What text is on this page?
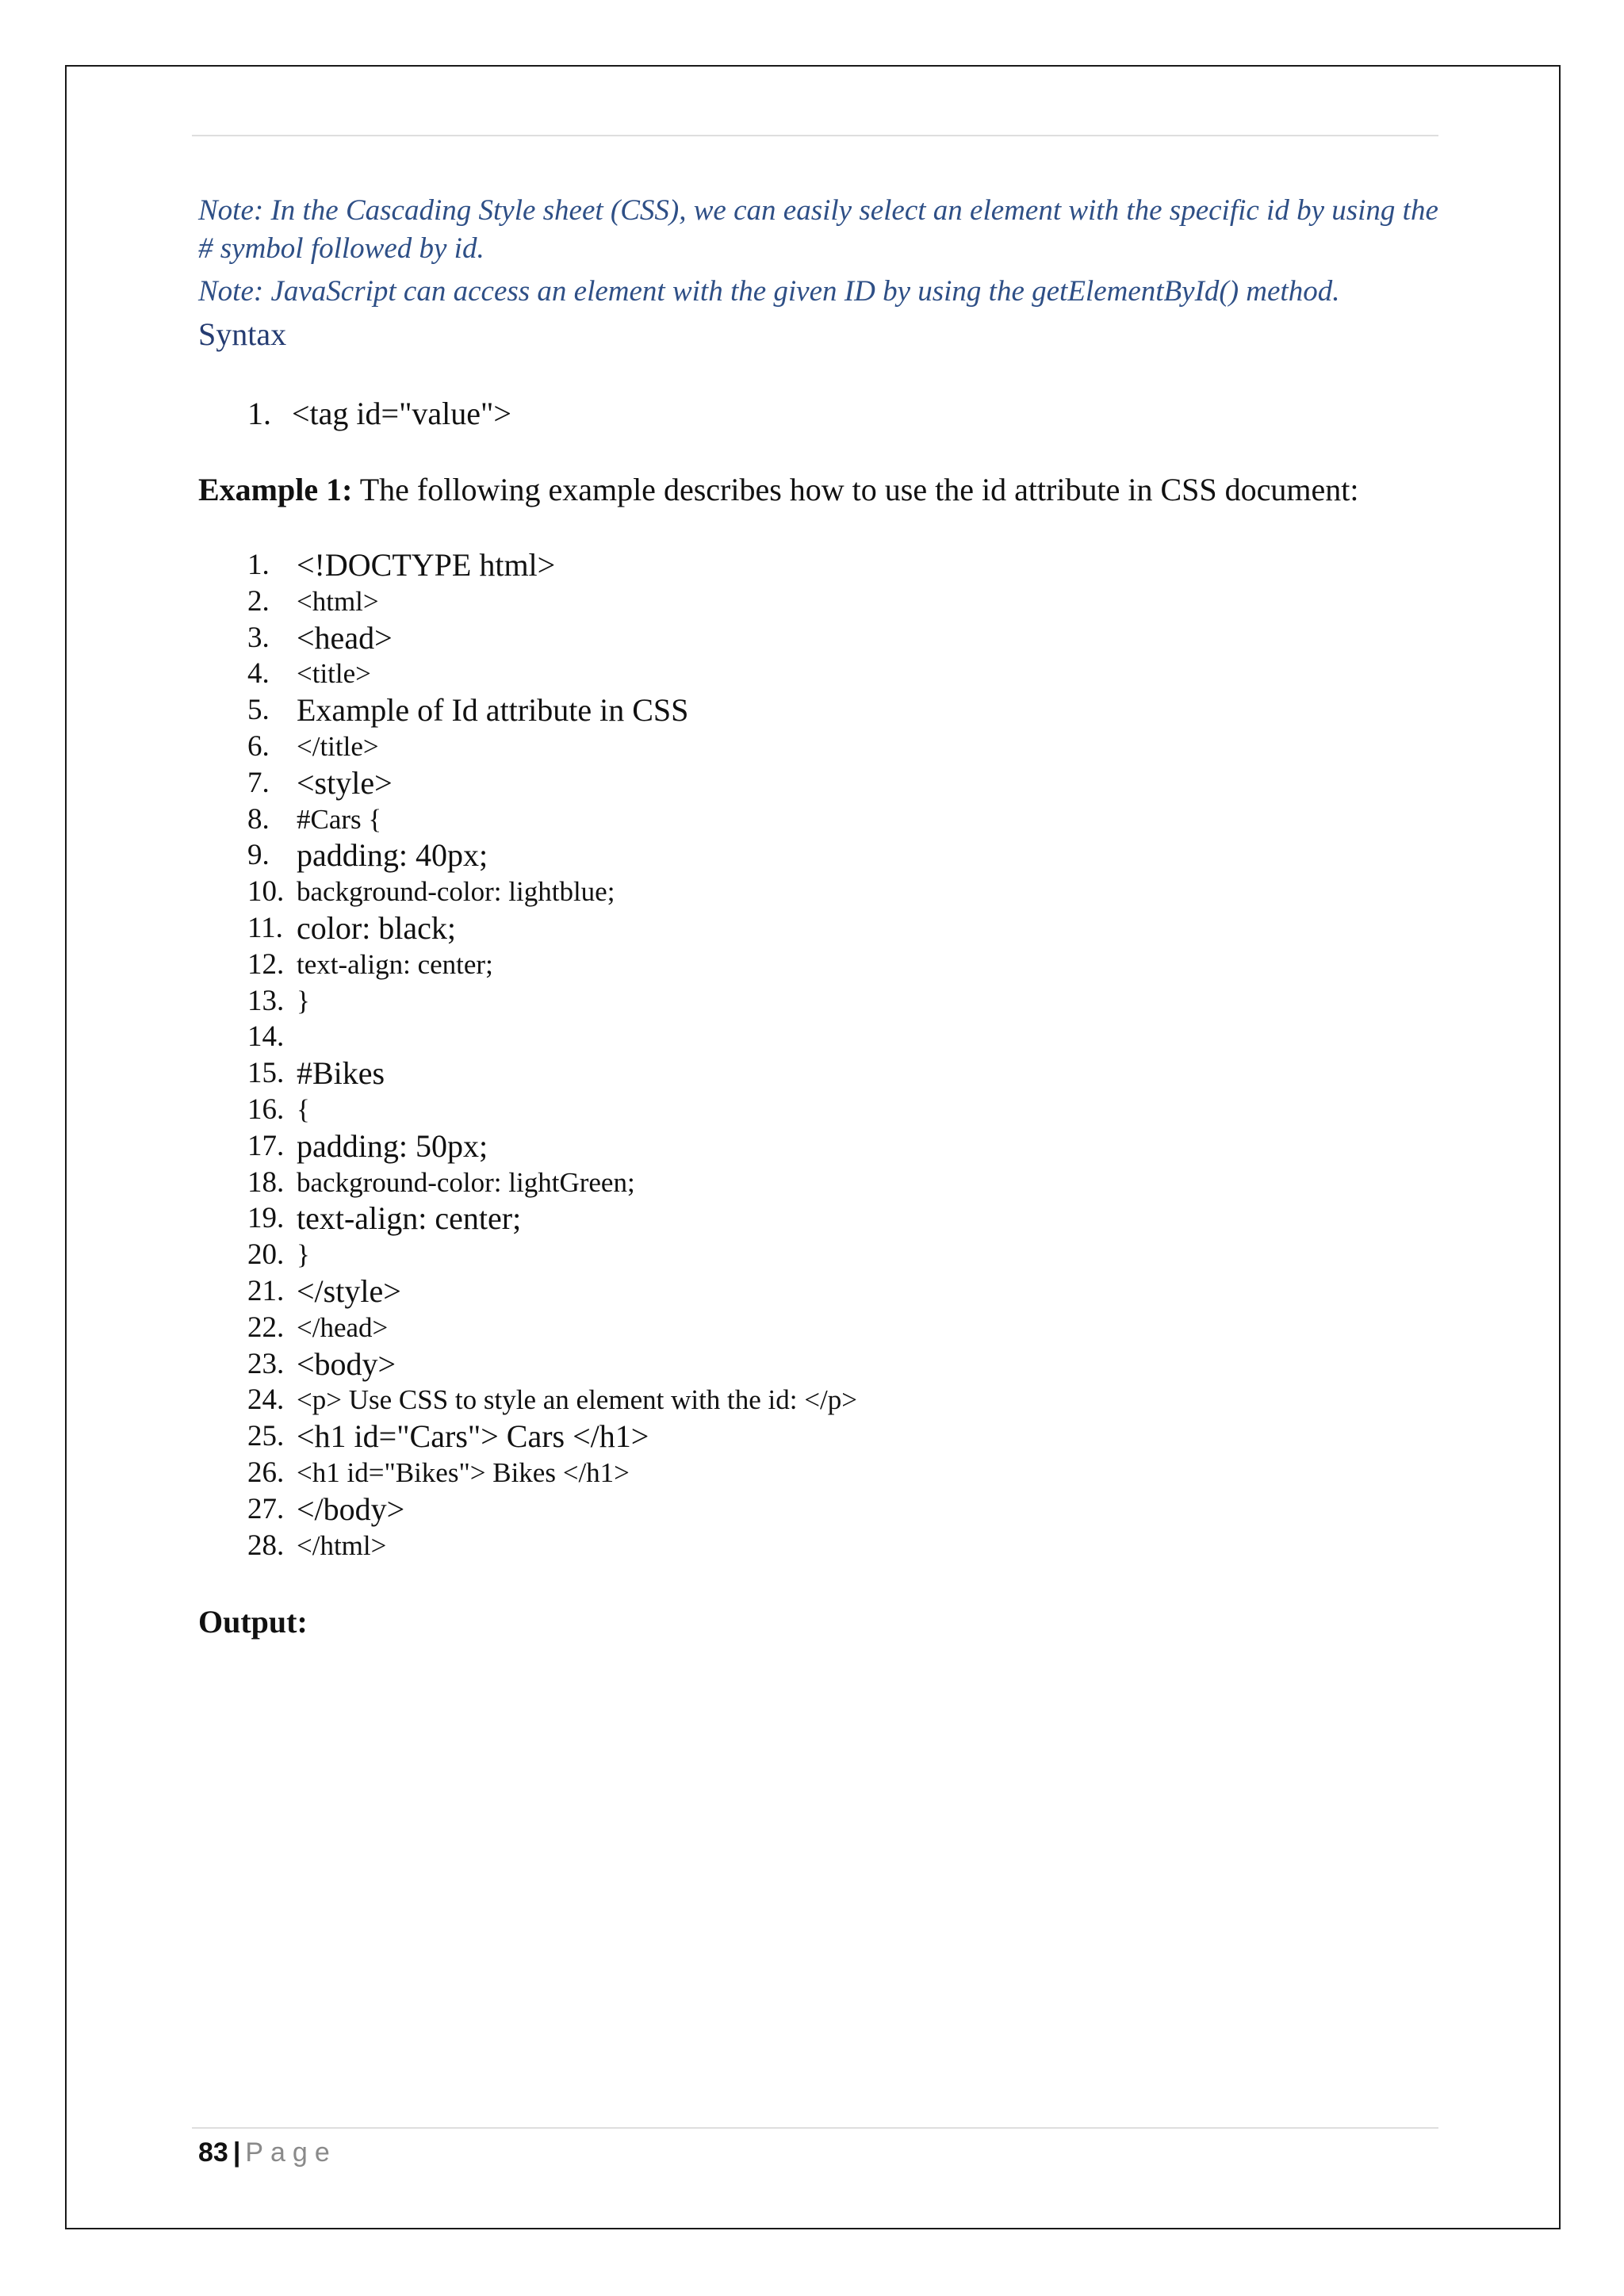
Note: In the Cascading Style sheet (CSS), we can easily select an element with the specific id by using the # symbol followed by id.
Note: JavaScript can access an element with the given ID by using the getElementById() method.
Syntax
1. <tag id="value">
Example 1: The following example describes how to use the id attribute in CSS document:
1. <!DOCTYPE html>
2. <html>
3. <head>
4. <title>
5. Example of Id attribute in CSS
6. </title>
7. <style>
8. #Cars {
9. padding: 40px;
10. background-color: lightblue;
11. color: black;
12. text-align: center;
13. }
14.
15. #Bikes
16. {
17. padding: 50px;
18. background-color: lightGreen;
19. text-align: center;
20. }
21. </style>
22. </head>
23. <body>
24. <p> Use CSS to style an element with the id: </p>
25. <h1 id="Cars"> Cars </h1>
26. <h1 id="Bikes"> Bikes </h1>
27. </body>
28. </html>
Output:
83 | Page
